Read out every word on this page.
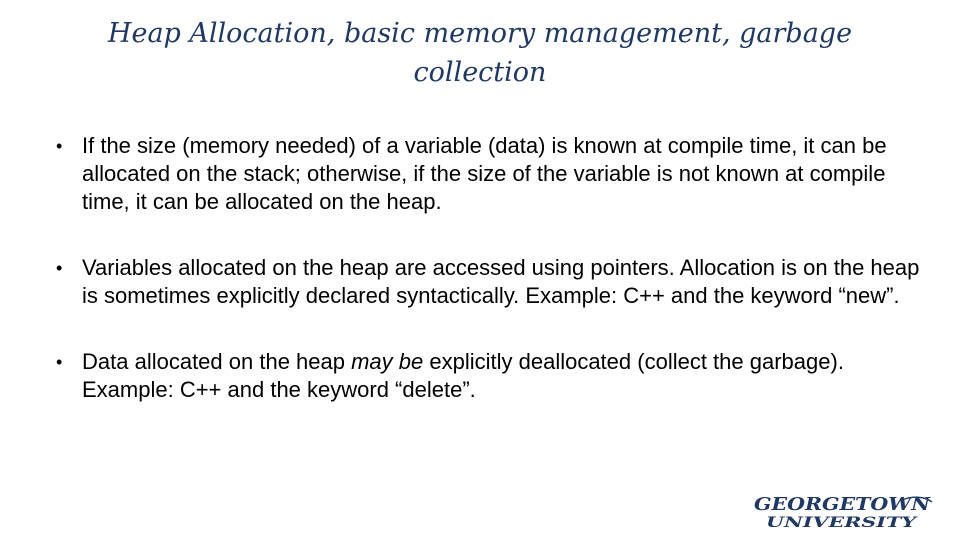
Heap Allocation, basic memory management, garbage
collection
• If the size (memory needed) of a variable (data) is known at compile time, it can be allocated on the stack; otherwise, if the size of the variable is not known at compile time, it can be allocated on the heap.
• Variables allocated on the heap are accessed using pointers. Allocation is on the heap is sometimes explicitly declared syntactically. Example: C++ and the keyword “new”.
• Data allocated on the heap may be explicitly deallocated (collect the garbage). Example: C++ and the keyword “delete”.
GEORGETOWN
UNIVERSITY
